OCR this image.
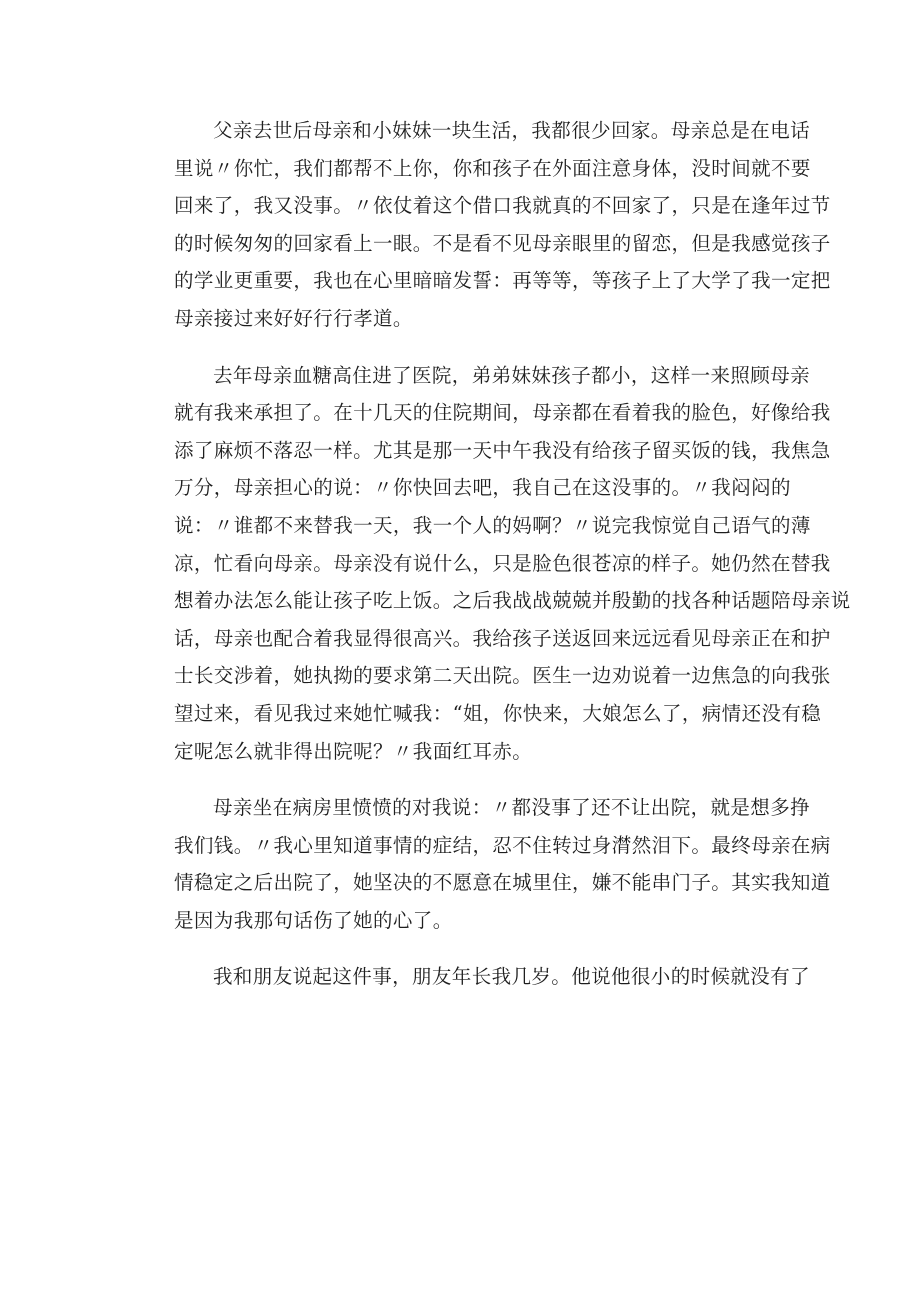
父亲去世后母亲和小妹妹一块生活，我都很少回家。母亲总是在电话
里说〃你忙，我们都帮不上你，你和孩子在外面注意身体，没时间就不要
回来了，我又没事。〃依仗着这个借口我就真的不回家了，只是在逢年过节
的时候匆匆的回家看上一眼。不是看不见母亲眼里的留恋，但是我感觉孩子
的学业更重要，我也在心里暗暗发誓：再等等，等孩子上了大学了我一定把
母亲接过来好好行行孝道。
去年母亲血糖高住进了医院，弟弟妹妹孩子都小，这样一来照顾母亲
就有我来承担了。在十几天的住院期间，母亲都在看着我的脸色，好像给我
添了麻烦不落忍一样。尤其是那一天中午我没有给孩子留买饭的钱，我焦急
万分，母亲担心的说：〃你快回去吧，我自己在这没事的。〃我闷闷的
说：〃谁都不来替我一天，我一个人的妈啊？〃说完我惊觉自己语气的薄
凉，忙看向母亲。母亲没有说什么，只是脸色很苍凉的样子。她仍然在替我
想着办法怎么能让孩子吃上饭。之后我战战兢兢并殷勤的找各种话题陪母亲说
话，母亲也配合着我显得很高兴。我给孩子送返回来远远看见母亲正在和护
士长交涉着，她执拗的要求第二天出院。医生一边劝说着一边焦急的向我张
望过来，看见我过来她忙喊我：“姐，你快来，大娘怎么了，病情还没有稳
定呢怎么就非得出院呢？〃我面红耳赤。
母亲坐在病房里愤愤的对我说：〃都没事了还不让出院，就是想多挣
我们钱。〃我心里知道事情的症结，忍不住转过身潸然泪下。最终母亲在病
情稳定之后出院了，她坚决的不愿意在城里住，嫌不能串门子。其实我知道
是因为我那句话伤了她的心了。
我和朋友说起这件事，朋友年长我几岁。他说他很小的时候就没有了
